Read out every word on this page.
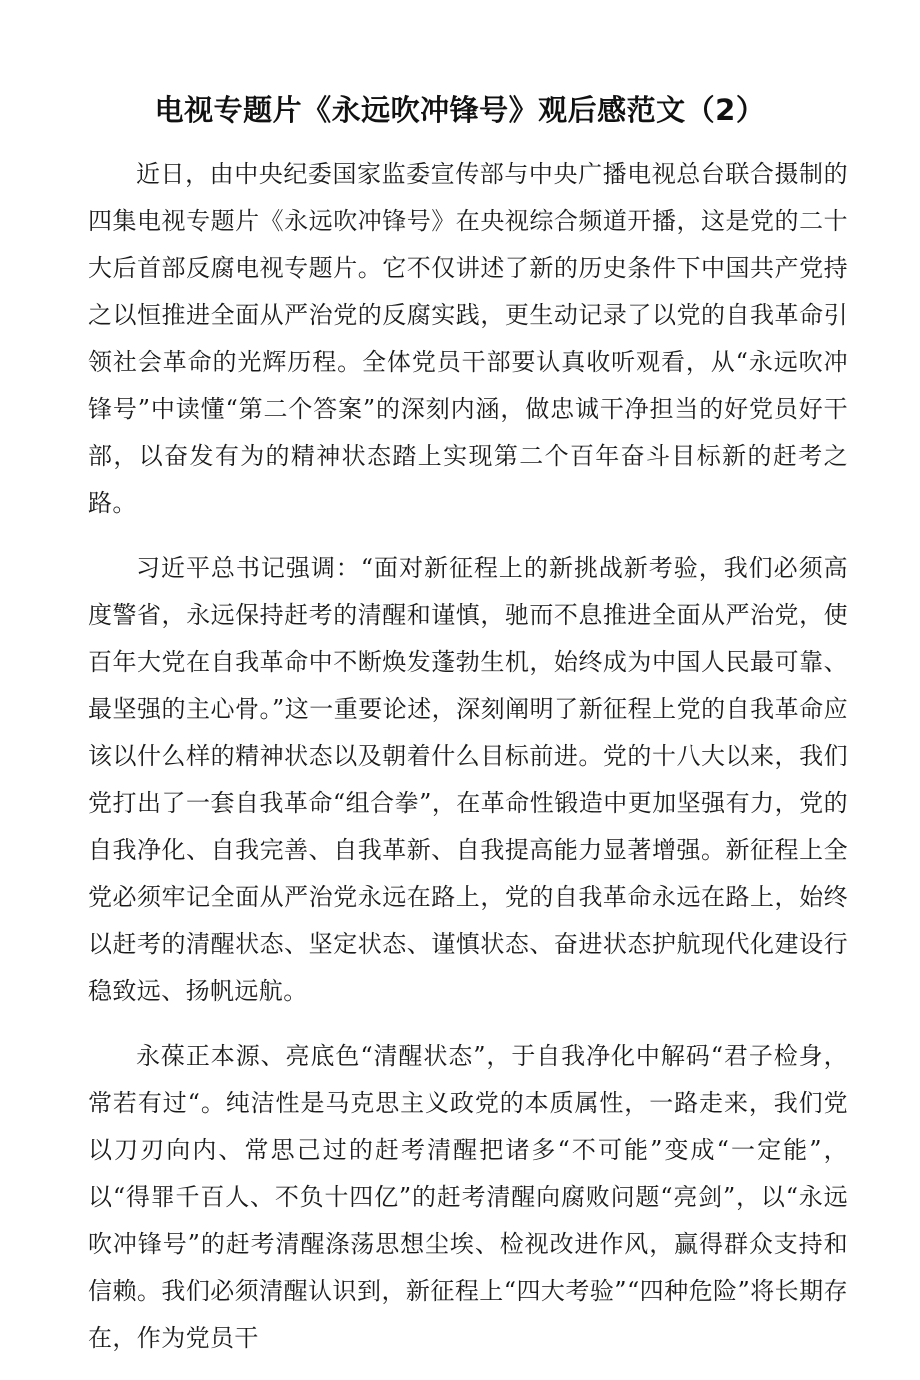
电视专题片《永远吹冲锋号》观后感范文（2）

近日，由中央纪委国家监委宣传部与中央广播电视总台联合摄制的四集电视专题片《永远吹冲锋号》在央视综合频道开播，这是党的二十大后首部反腐电视专题片。它不仅讲述了新的历史条件下中国共产党持之以恒推进全面从严治党的反腐实践，更生动记录了以党的自我革命引领社会革命的光辉历程。全体党员干部要认真收听观看，从“永远吹冲锋号”中读懂“第二个答案”的深刻内涵，做忠诚干净担当的好党员好干部，以奋发有为的精神状态踏上实现第二个百年奋斗目标新的赶考之路。

习近平总书记强调：“面对新征程上的新挑战新考验，我们必须高度警省，永远保持赶考的清醒和谨慎，驰而不息推进全面从严治党，使百年大党在自我革命中不断焕发蓬勃生机，始终成为中国人民最可靠、最坚强的主心骨。”这一重要论述，深刻阐明了新征程上党的自我革命应该以什么样的精神状态以及朝着什么目标前进。党的十八大以来，我们党打出了一套自我革命“组合拳”，在革命性锻造中更加坚强有力，党的自我净化、自我完善、自我革新、自我提高能力显著增强。新征程上全党必须牢记全面从严治党永远在路上，党的自我革命永远在路上，始终以赶考的清醒状态、坚定状态、谨慎状态、奋进状态护航现代化建设行稳致远、扬帆远航。

永葆正本源、亮底色“清醒状态”，于自我净化中解码“君子检身，常若有过“。纯洁性是马克思主义政党的本质属性，一路走来，我们党以刀刃向内、常思己过的赶考清醒把诸多“不可能”变成“一定能”，以“得罪千百人、不负十四亿”的赶考清醒向腐败问题“亮剑”，以“永远吹冲锋号”的赶考清醒涤荡思想尘埃、检视改进作风，赢得群众支持和信赖。我们必须清醒认识到，新征程上“四大考验”“四种危险”将长期存在，作为党员干
